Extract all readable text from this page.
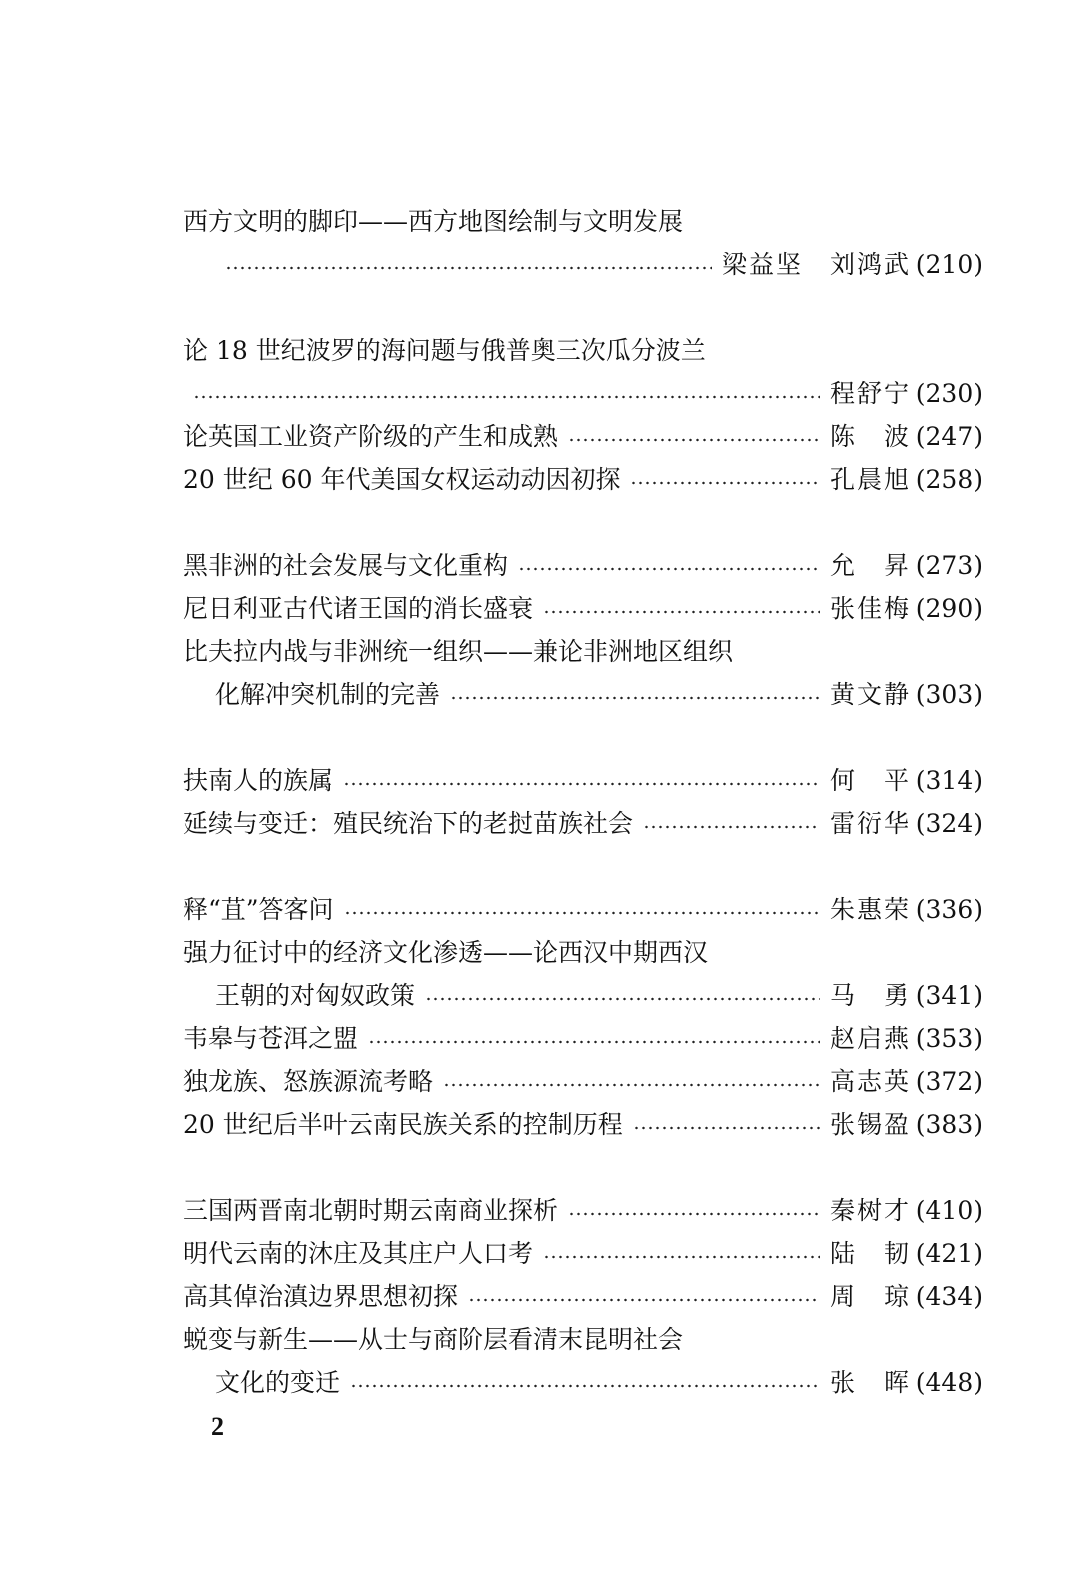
西方文明的脚印——西方地图绘制与文明发展
梁益坚　刘鸿武 (210)
论 18 世纪波罗的海问题与俄普奥三次瓜分波兰
程舒宁 (230)
论英国工业资产阶级的产生和成熟	陈　波 (247)
20 世纪 60 年代美国女权运动动因初探	孔晨旭 (258)
黑非洲的社会发展与文化重构	允　昇 (273)
尼日利亚古代诸王国的消长盛衰	张佳梅 (290)
比夫拉内战与非洲统一组织——兼论非洲地区组织
化解冲突机制的完善	黄文静 (303)
扶南人的族属	何　平 (314)
延续与变迁：殖民统治下的老挝苗族社会	雷衍华 (324)
释“苴”答客问	朱惠荣 (336)
强力征讨中的经济文化渗透——论西汉中期西汉
王朝的对匈奴政策	马　勇 (341)
韦皋与苍洱之盟	赵启燕 (353)
独龙族、怒族源流考略	高志英 (372)
20 世纪后半叶云南民族关系的控制历程	张锡盈 (383)
三国两晋南北朝时期云南商业探析	秦树才 (410)
明代云南的沐庄及其庄户人口考	陆　韧 (421)
高其倬治滇边界思想初探	周　琼 (434)
蜕变与新生——从士与商阶层看清末昆明社会
文化的变迁	张　晖 (448)
2
